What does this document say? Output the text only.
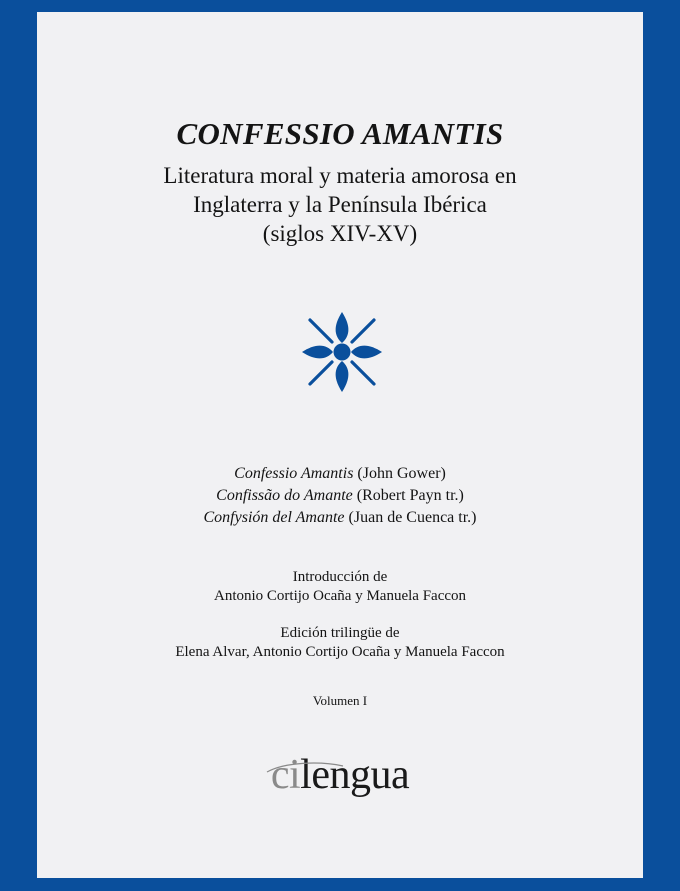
CONFESSIO AMANTIS
Literatura moral y materia amorosa en
Inglaterra y la Península Ibérica
(siglos XIV-XV)
Confessio Amantis (John Gower)
Confissão do Amante (Robert Payn tr.)
Confysión del Amante (Juan de Cuenca tr.)
Introducción de
Antonio Cortijo Ocaña y Manuela Faccon
Edición trilingüe de
Elena Alvar, Antonio Cortijo Ocaña y Manuela Faccon
Volumen I
cilengua
